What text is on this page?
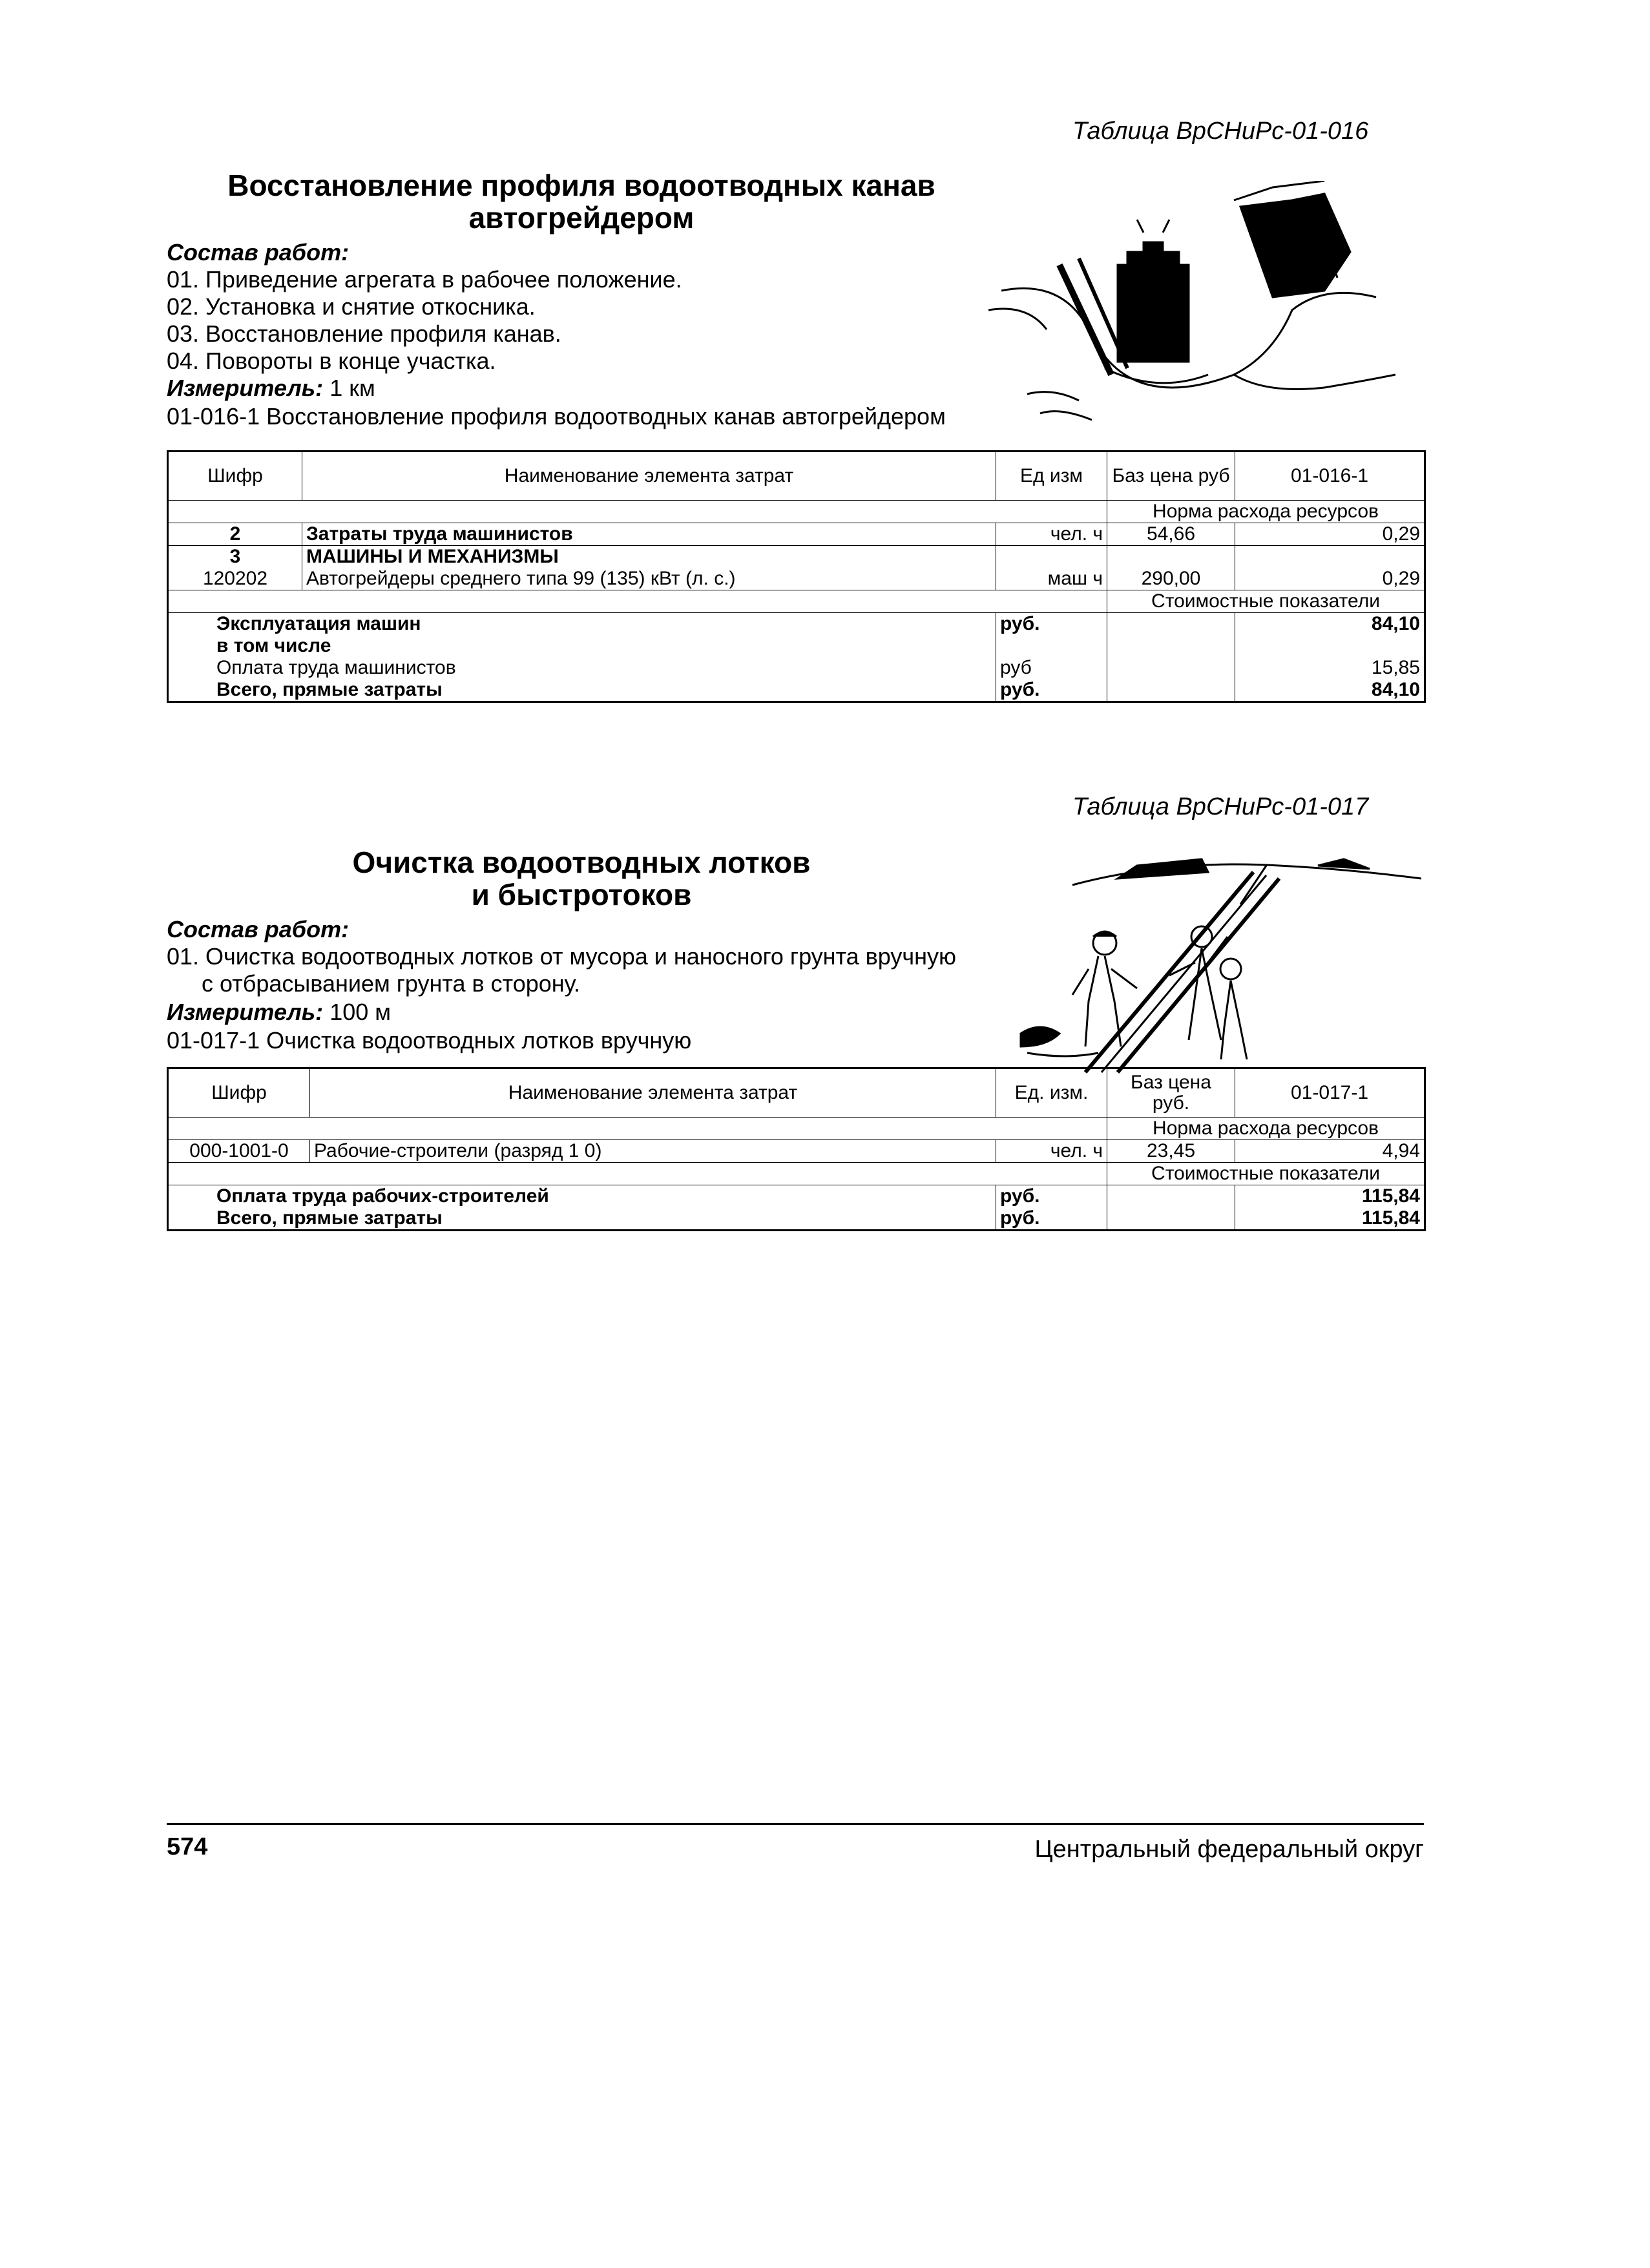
Таблица ВрСНиРс-01-016
Восстановление профиля водоотводных канав
автогрейдером
Состав работ:
01. Приведение агрегата в рабочее положение.
02. Установка и снятие откосника.
03. Восстановление профиля канав.
04. Повороты в конце участка.
Измеритель: 1 км
01-016-1 Восстановление профиля водоотводных канав автогрейдером
Шифр	Наименование элемента затрат	Ед изм	Баз цена руб	01-016-1
			Норма расхода ресурсов	
2	Затраты труда машинистов	чел. ч	54,66	0,29
3	МАШИНЫ И МЕХАНИЗМЫ			
120202	Автогрейдеры среднего типа 99 (135) кВт (л. с.)	маш ч	290,00	0,29
			Стоимостные показатели	
Эксплуатация машин		руб.		84,10
в том числе				
Оплата труда машинистов		руб		15,85
Всего, прямые затраты		руб.		84,10
Таблица ВрСНиРс-01-017
Очистка водоотводных лотков
и быстротоков
Состав работ:
01. Очистка водоотводных лотков от мусора и наносного грунта вручную
с отбрасыванием грунта в сторону.
Измеритель: 100 м
01-017-1 Очистка водоотводных лотков вручную
Шифр	Наименование элемента затрат	Ед. изм.	Баз цена руб.	01-017-1
			Норма расхода ресурсов	
000-1001-0	Рабочие-строители (разряд 1 0)	чел. ч	23,45	4,94
			Стоимостные показатели	
Оплата труда рабочих-строителей		руб.		115,84
Всего, прямые затраты		руб.		115,84
574	Центральный федеральный округ
